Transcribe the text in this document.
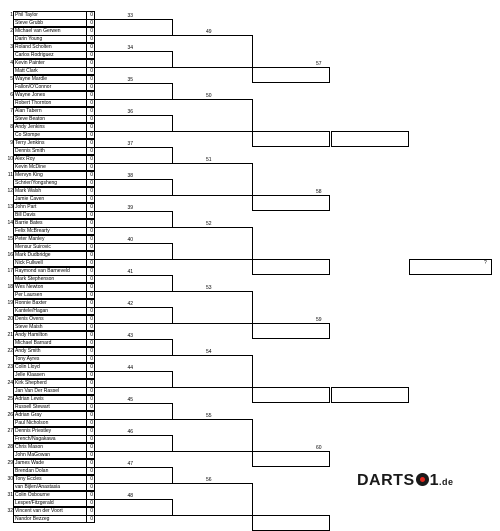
1 Phil Taylor
Steve Grubb
0
0
2 Michael van Gerwen
Darin Young
0
0
3 Roland Scholten
Carlos Rodriguez
0
0
4 Kevin Painter
Matt Clark
0
0
5 Wayne Mardle
Fallon/O'Connor
0
0
6 Wayne Jones
Robert Thornton
0
0
7 Alan Tabern
Steve Beaton
0
0
8 Andy Jenkins
Co Stompe
0
0
9 Terry Jenkins
Dennis Smith
0
0
10 Alex Roy
Kevin McDine
0
0
11 Mervyn King
Schrier/Yongsheng
0
0
12 Mark Walsh
Jamie Caven
0
0
13 John Part
Bill Davis
0
0
14 Barrie Bates
Felix McBrearty
0
0
15 Peter Manley
Mensur Suirovic
0
0
16 Mark Dudbridge
Nick Fullwell
0
0
17 Raymond van Barneveld
Mark Stephenson
0
0
18 Wes Newton
Per Laursen
0
0
19 Ronnie Baxter
Kantele/Hagan
0
0
20 Denis Ovens
Steve Maish
0
0
21 Andy Hamilton
Michael Barnard
0
0
22 Andy Smith
Tony Ayres
0
0
23 Colin Lloyd
Jelle Klaasen
0
0
24 Kirk Shepherd
Jan Van Der Rassel
0
0
25 Adrian Lewis
Russell Stewart
0
0
26 Adrian Gray
Paul Nicholson
0
0
27 Dennis Priestley
French/Nagakawa
0
0
28 Chris Mason
John MaGowan
0
0
29 James Wade
Brendan Dolan
0
0
30 Tony Eccles
van Bijlen/Anastasia
0
0
31 Colin Osbourne
Lesper/Fitzgerald
0
0
32 Vincent van der Voort
Nandor Bezzeg
0
0
33
34
35
36
37
38
39
40
41
42
43
44
45
46
47
48
49
50
51
52
53
54
55
56
57
58
59
60
?
DARTS 1.de
